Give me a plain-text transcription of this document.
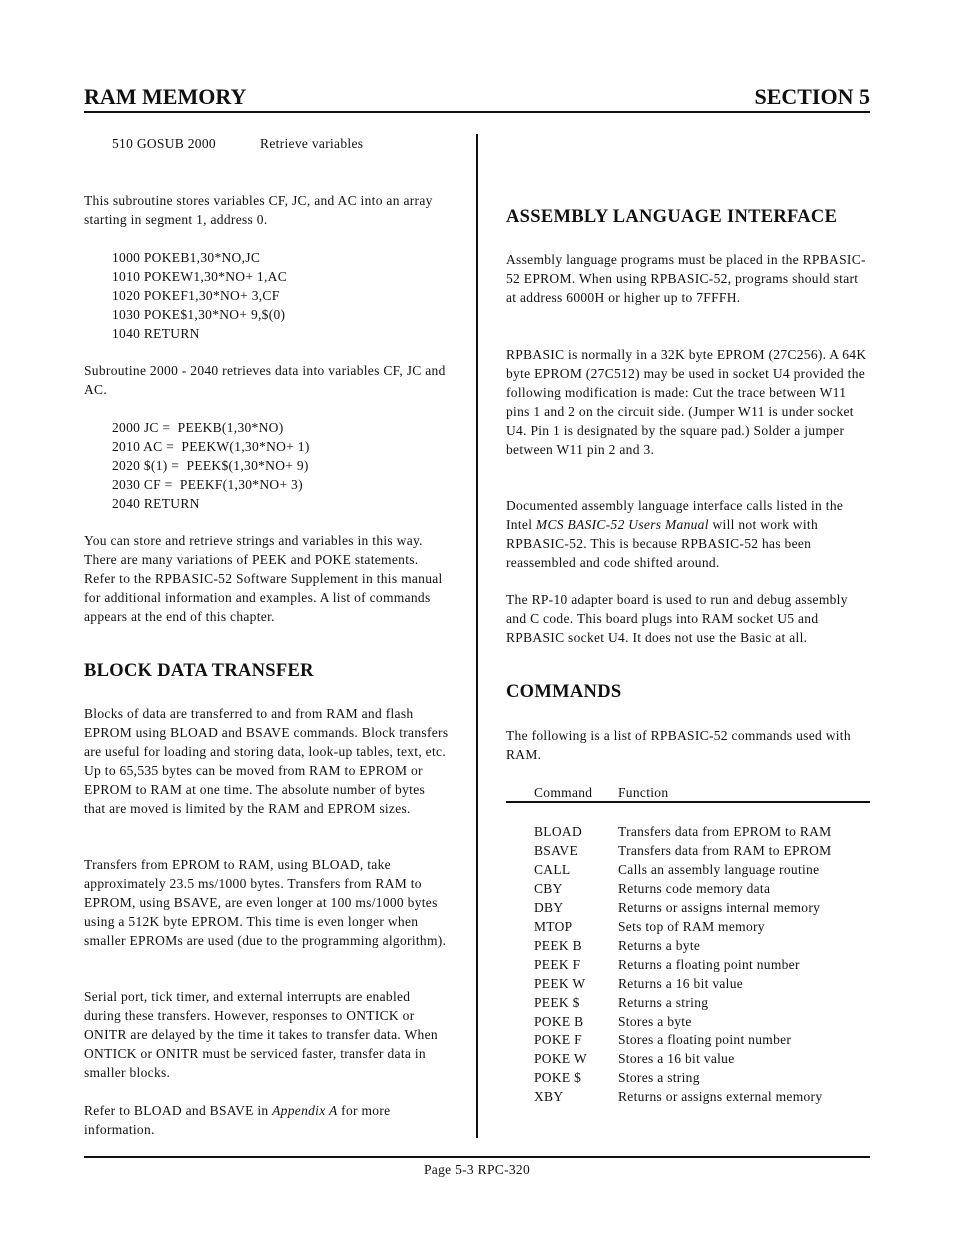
RAM MEMORY	SECTION 5
510 GOSUB 2000            Retrieve variables
This subroutine stores variables CF, JC, and AC into an array starting in segment 1, address 0.
1000 POKEB1,30*NO,JC
1010 POKEW1,30*NO+ 1,AC
1020 POKEF1,30*NO+ 3,CF
1030 POKE$1,30*NO+ 9,$(0)
1040 RETURN
Subroutine 2000 - 2040 retrieves data into variables CF, JC and AC.
2000 JC =  PEEKB(1,30*NO)
2010 AC =  PEEKW(1,30*NO+ 1)
2020 $(1) =  PEEK$(1,30*NO+ 9)
2030 CF =  PEEKF(1,30*NO+ 3)
2040 RETURN
You can store and retrieve strings and variables in this way. There are many variations of PEEK and POKE statements. Refer to the RPBASIC-52 Software Supplement in this manual for additional information and examples. A list of commands appears at the end of this chapter.
BLOCK DATA TRANSFER
Blocks of data are transferred to and from RAM and flash EPROM using BLOAD and BSAVE commands. Block transfers are useful for loading and storing data, look-up tables, text, etc. Up to 65,535 bytes can be moved from RAM to EPROM or EPROM to RAM at one time. The absolute number of bytes that are moved is limited by the RAM and EPROM sizes.
Transfers from EPROM to RAM, using BLOAD, take approximately 23.5 ms/1000 bytes. Transfers from RAM to EPROM, using BSAVE, are even longer at 100 ms/1000 bytes using a 512K byte EPROM. This time is even longer when smaller EPROMs are used (due to the programming algorithm).
Serial port, tick timer, and external interrupts are enabled during these transfers. However, responses to ONTICK or ONITR are delayed by the time it takes to transfer data. When ONTICK or ONITR must be serviced faster, transfer data in smaller blocks.
Refer to BLOAD and BSAVE in Appendix A for more information.
ASSEMBLY LANGUAGE INTERFACE
Assembly language programs must be placed in the RPBASIC-52 EPROM. When using RPBASIC-52, programs should start at address 6000H or higher up to 7FFFH.
RPBASIC is normally in a 32K byte EPROM (27C256). A 64K byte EPROM (27C512) may be used in socket U4 provided the following modification is made: Cut the trace between W11 pins 1 and 2 on the circuit side. (Jumper W11 is under socket U4. Pin 1 is designated by the square pad.) Solder a jumper between W11 pin 2 and 3.
Documented assembly language interface calls listed in the Intel MCS BASIC-52 Users Manual will not work with RPBASIC-52. This is because RPBASIC-52 has been reassembled and code shifted around.
The RP-10 adapter board is used to run and debug assembly and C code. This board plugs into RAM socket U5 and RPBASIC socket U4. It does not use the Basic at all.
COMMANDS
The following is a list of RPBASIC-52 commands used with RAM.
Command Function
BLOAD	Transfers data from EPROM to RAM
BSAVE	Transfers data from RAM to EPROM
CALL	Calls an assembly language routine
CBY	Returns code memory data
DBY	Returns or assigns internal memory
MTOP	Sets top of RAM memory
PEEK B	Returns a byte
PEEK F	Returns a floating point number
PEEK W Returns a 16 bit value
PEEK $	Returns a string
POKE B	Stores a byte
POKE F	Stores a floating point number
POKE W Stores a 16 bit value
POKE $	Stores a string
XBY	Returns or assigns external memory
Page 5-3 RPC-320
